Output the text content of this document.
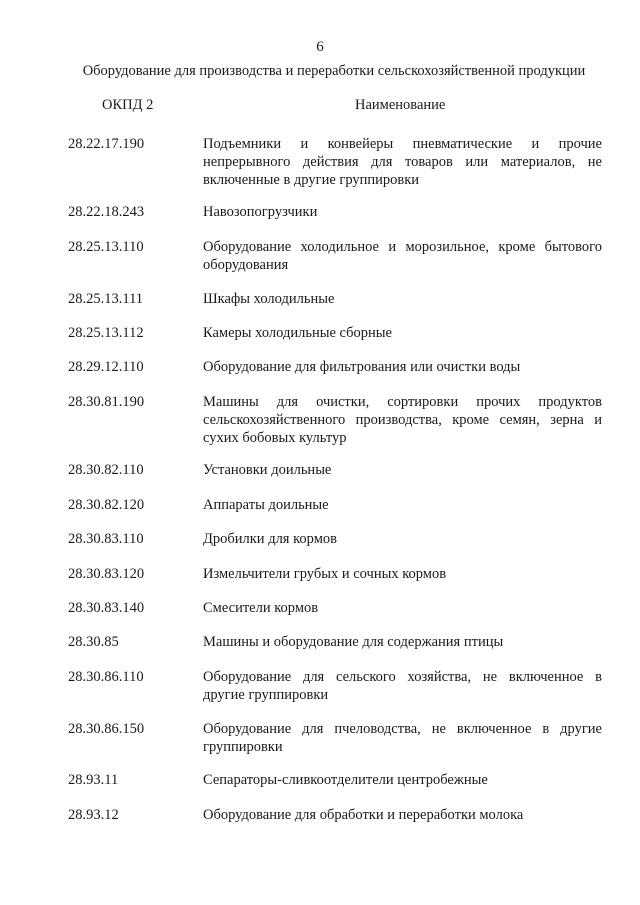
6
Оборудование для производства и переработки сельскохозяйственной продукции
ОКПД 2	Наименование
28.22.17.190	Подъемники и конвейеры пневматические и прочие
непрерывного действия для товаров или материалов, не
включенные в другие группировки
28.22.18.243	Навозопогрузчики
28.25.13.110	Оборудование холодильное и морозильное, кроме бытового
оборудования
28.25.13.111	Шкафы холодильные
28.25.13.112	Камеры холодильные сборные
28.29.12.110	Оборудование для фильтрования или очистки воды
28.30.81.190	Машины для очистки, сортировки прочих продуктов
сельскохозяйственного производства, кроме семян, зерна и
сухих бобовых культур
28.30.82.110	Установки доильные
28.30.82.120	Аппараты доильные
28.30.83.110	Дробилки для кормов
28.30.83.120	Измельчители грубых и сочных кормов
28.30.83.140	Смесители кормов
28.30.85	Машины и оборудование для содержания птицы
28.30.86.110	Оборудование для сельского хозяйства, не включенное в
другие группировки
28.30.86.150	Оборудование для пчеловодства, не включенное в другие
группировки
28.93.11	Сепараторы-сливкоотделители центробежные
28.93.12	Оборудование для обработки и переработки молока
